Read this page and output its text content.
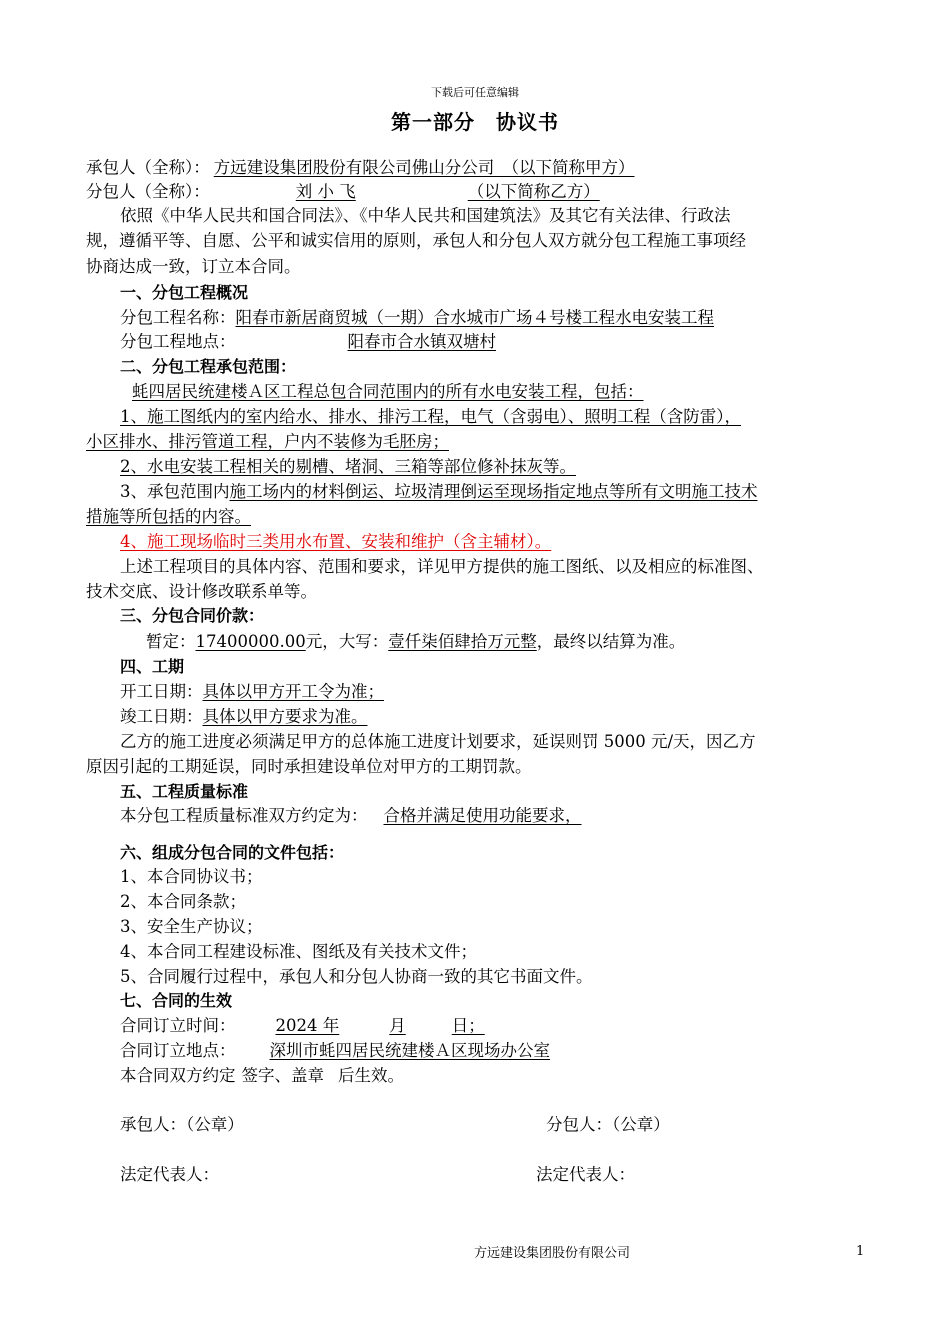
下载后可任意编辑
第一部分　协议书
承包人（全称）： 方远建设集团股份有限公司佛山分公司　（以下简称甲方）
分包人（全称）：	刘 小 飞	（以下简称乙方）
依照《中华人民共和国合同法》、《中华人民共和国建筑法》及其它有关法律、行政法
规，遵循平等、自愿、公平和诚实信用的原则，承包人和分包人双方就分包工程施工事项经
协商达成一致，订立本合同。
一、分包工程概况
分包工程名称：阳春市新居商贸城（一期）合水城市广场４号楼工程水电安装工程
分包工程地点：	阳春市合水镇双塘村
二、分包工程承包范围：
蚝四居民统建楼Ａ区工程总包合同范围内的所有水电安装工程，包括：
1、施工图纸内的室内给水、排水、排污工程，电气（含弱电）、照明工程（含防雷），
小区排水、排污管道工程，户内不装修为毛胚房；
2、水电安装工程相关的剔槽、堵洞、三箱等部位修补抹灰等。
3、承包范围内施工场内的材料倒运、垃圾清理倒运至现场指定地点等所有文明施工技术
措施等所包括的内容。
4、施工现场临时三类用水布置、安装和维护（含主辅材）。
上述工程项目的具体内容、范围和要求，详见甲方提供的施工图纸、以及相应的标准图、
技术交底、设计修改联系单等。
三、分包合同价款：
暂定：17400000.00元，大写：壹仟柒佰肆拾万元整，最终以结算为准。
四、工期
开工日期：具体以甲方开工令为准；
竣工日期：具体以甲方要求为准。
乙方的施工进度必须满足甲方的总体施工进度计划要求，延误则罚 5000 元/天，因乙方
原因引起的工期延误，同时承担建设单位对甲方的工期罚款。
五、工程质量标准
本分包工程质量标准双方约定为： 合格并满足使用功能要求，
六、组成分包合同的文件包括：
1、本合同协议书；
2、本合同条款；
3、安全生产协议；
4、本合同工程建设标准、图纸及有关技术文件；
5、合同履行过程中，承包人和分包人协商一致的其它书面文件。
七、合同的生效
合同订立时间： 2024 年	月	日；
合同订立地点： 深圳市蚝四居民统建楼Ａ区现场办公室
本合同双方约定 签字、盖章 后生效。
承包人：（公章）	分包人：（公章）
法定代表人：	法定代表人：
方远建设集团股份有限公司	1
